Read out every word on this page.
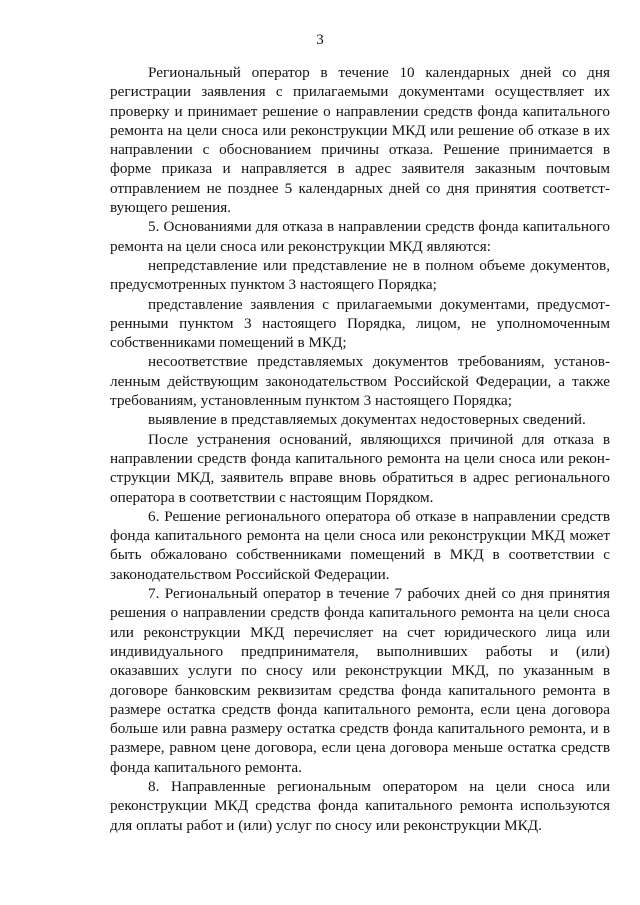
3

Региональный оператор в течение 10 календарных дней со дня регистрации заявления с прилагаемыми документами осуществляет их проверку и принимает решение о направлении средств фонда капитального ремонта на цели сноса или реконструкции МКД или решение об отказе в их направлении с обоснованием причины отказа. Решение принимается в форме приказа и направляется в адрес заявителя заказным почтовым отправлением не позднее 5 календарных дней со дня принятия соответствующего решения.

5. Основаниями для отказа в направлении средств фонда капитального ремонта на цели сноса или реконструкции МКД являются:

непредставление или представление не в полном объеме документов, предусмотренных пунктом 3 настоящего Порядка;

представление заявления с прилагаемыми документами, предусмотренными пунктом 3 настоящего Порядка, лицом, не уполномоченным собственниками помещений в МКД;

несоответствие представляемых документов требованиям, установленным действующим законодательством Российской Федерации, а также требованиям, установленным пунктом 3 настоящего Порядка;

выявление в представляемых документах недостоверных сведений.

После устранения оснований, являющихся причиной для отказа в направлении средств фонда капитального ремонта на цели сноса или реконструкции МКД, заявитель вправе вновь обратиться в адрес регионального оператора в соответствии с настоящим Порядком.

6. Решение регионального оператора об отказе в направлении средств фонда капитального ремонта на цели сноса или реконструкции МКД может быть обжаловано собственниками помещений в МКД в соответствии с законодательством Российской Федерации.

7. Региональный оператор в течение 7 рабочих дней со дня принятия решения о направлении средств фонда капитального ремонта на цели сноса или реконструкции МКД перечисляет на счет юридического лица или индивидуального предпринимателя, выполнивших работы и (или) оказавших услуги по сносу или реконструкции МКД, по указанным в договоре банковским реквизитам средства фонда капитального ремонта в размере остатка средств фонда капитального ремонта, если цена договора больше или равна размеру остатка средств фонда капитального ремонта, и в размере, равном цене договора, если цена договора меньше остатка средств фонда капитального ремонта.

8. Направленные региональным оператором на цели сноса или реконструкции МКД средства фонда капитального ремонта используются для оплаты работ и (или) услуг по сносу или реконструкции МКД.
